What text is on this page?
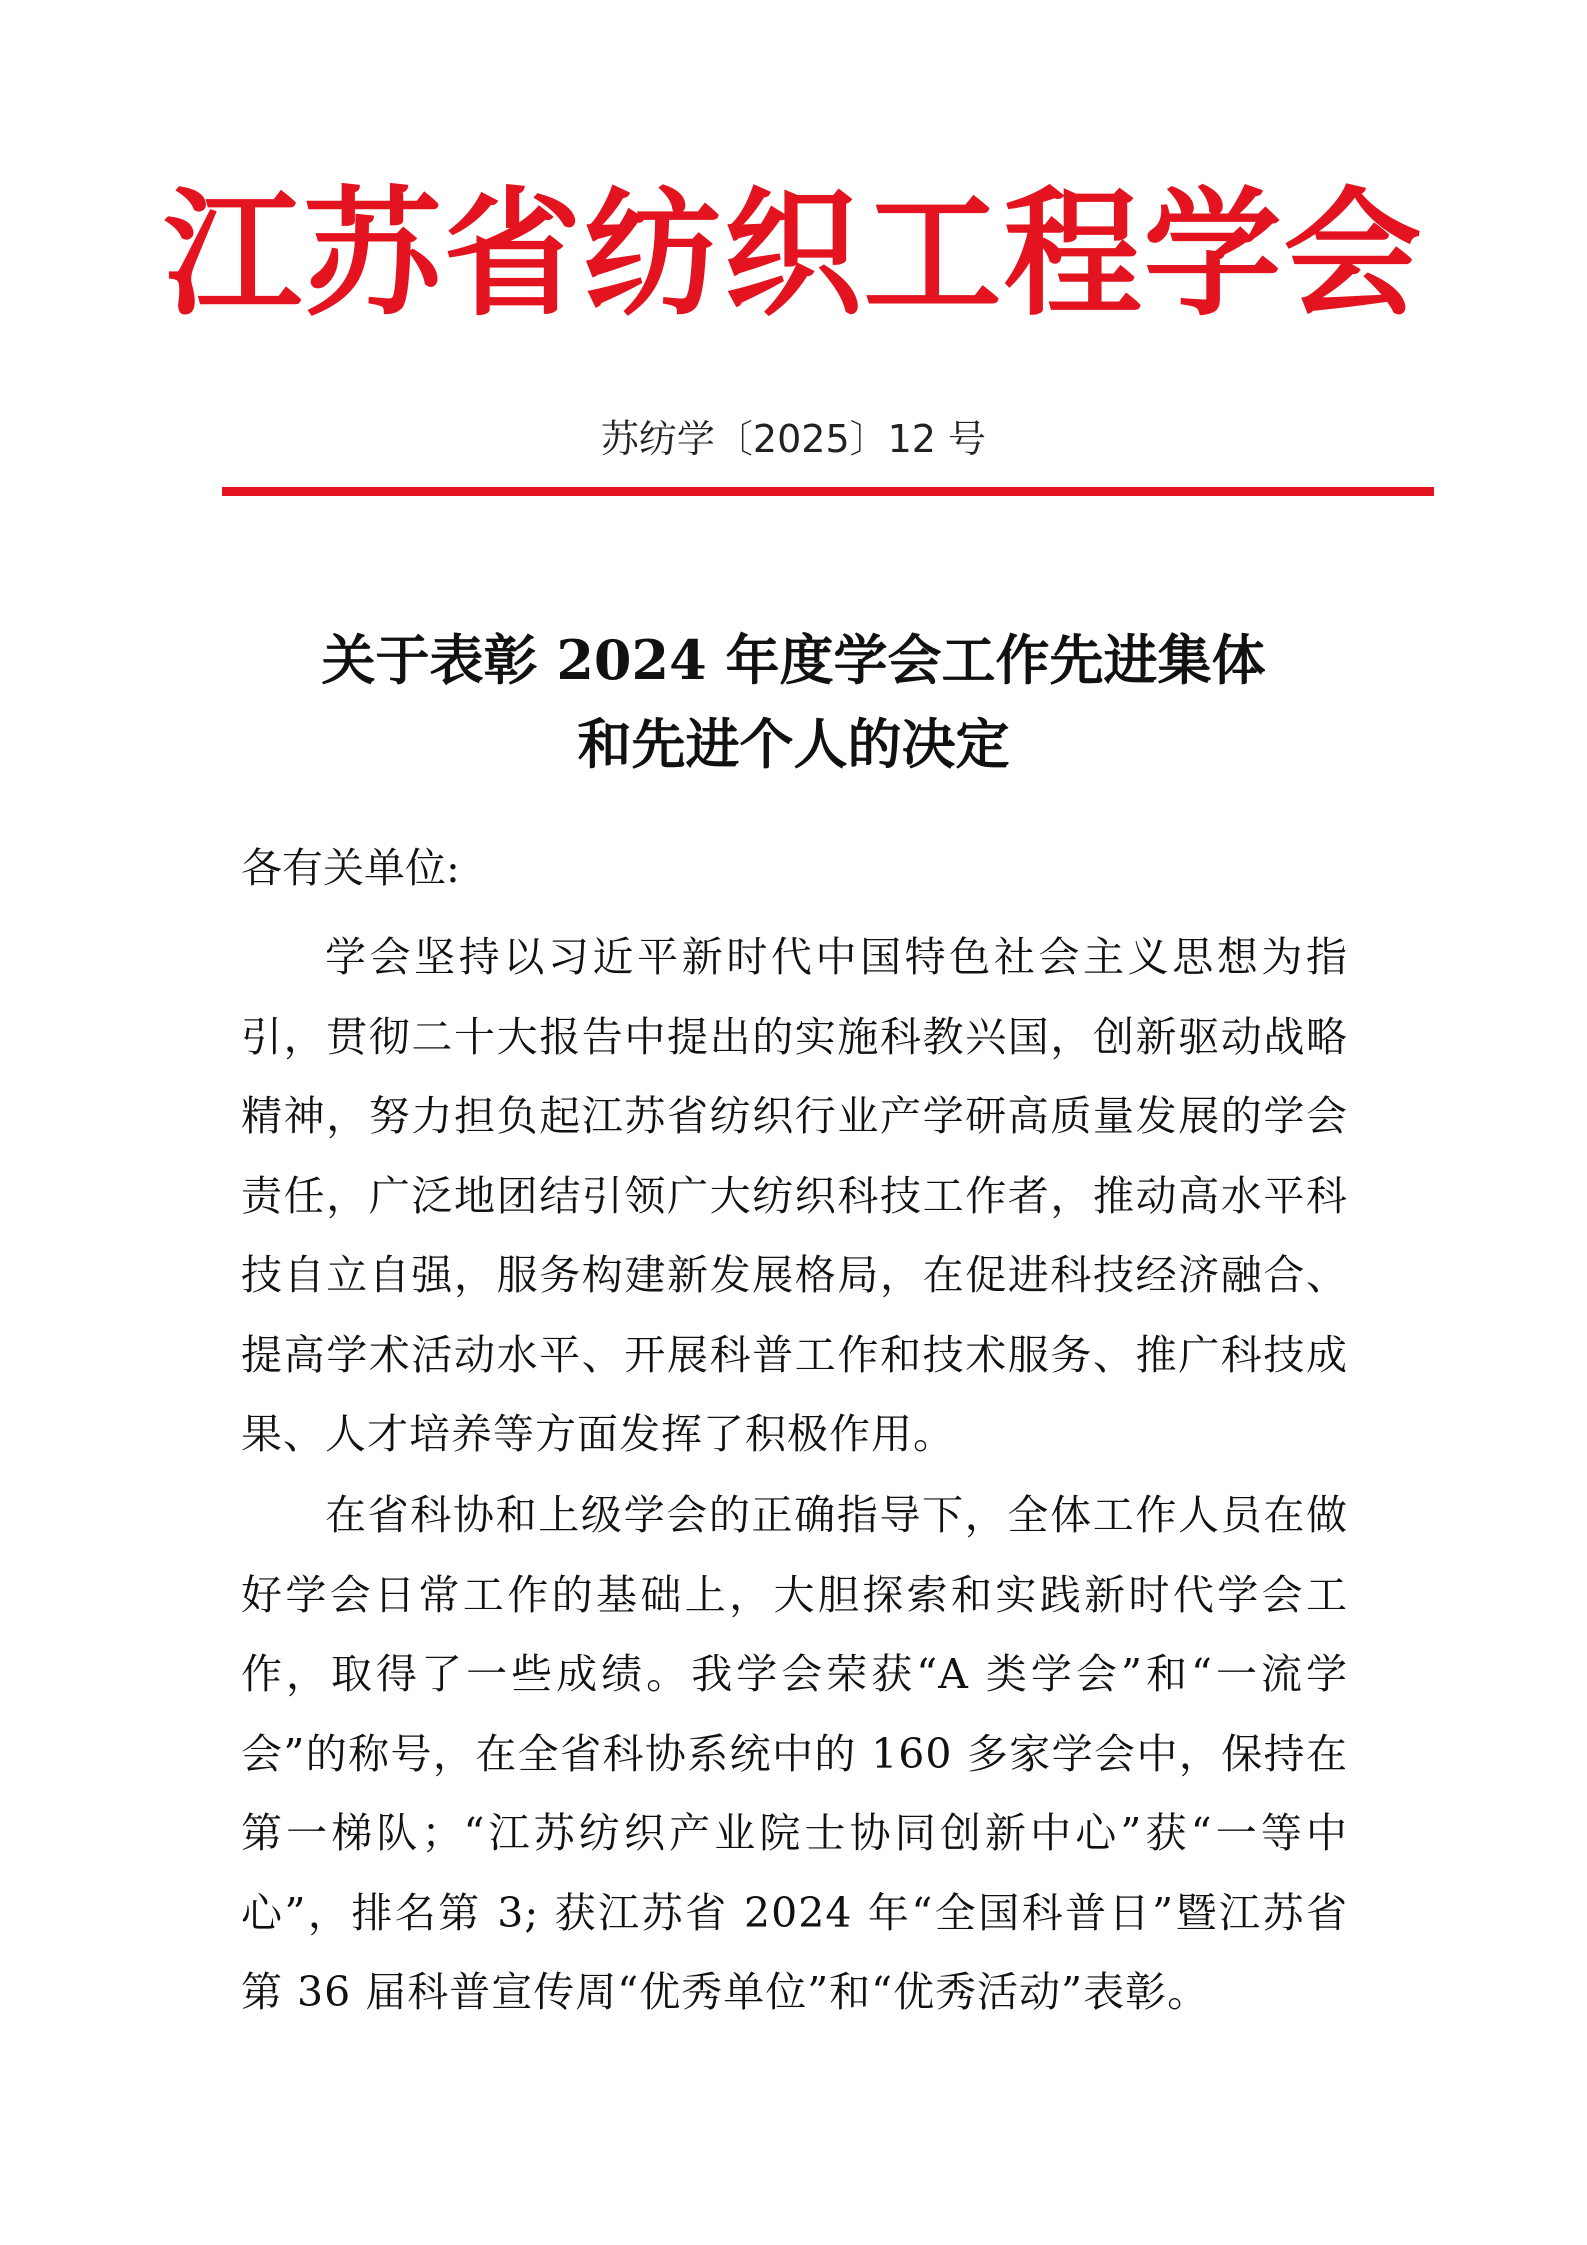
江苏省纺织工程学会
苏纺学〔2025〕12 号
关于表彰 2024 年度学会工作先进集体
和先进个人的决定
各有关单位:

学会坚持以习近平新时代中国特色社会主义思想为指引，贯彻二十大报告中提出的实施科教兴国，创新驱动战略精神，努力担负起江苏省纺织行业产学研高质量发展的学会责任，广泛地团结引领广大纺织科技工作者，推动高水平科技自立自强，服务构建新发展格局，在促进科技经济融合、提高学术活动水平、开展科普工作和技术服务、推广科技成果、人才培养等方面发挥了积极作用。

在省科协和上级学会的正确指导下，全体工作人员在做好学会日常工作的基础上，大胆探索和实践新时代学会工作，取得了一些成绩。我学会荣获“A 类学会”和“一流学会”的称号，在全省科协系统中的 160 多家学会中，保持在第一梯队；“江苏纺织产业院士协同创新中心”获“一等中心”，排名第 3; 获江苏省 2024 年“全国科普日”暨江苏省第 36 届科普宣传周“优秀单位”和“优秀活动”表彰。
